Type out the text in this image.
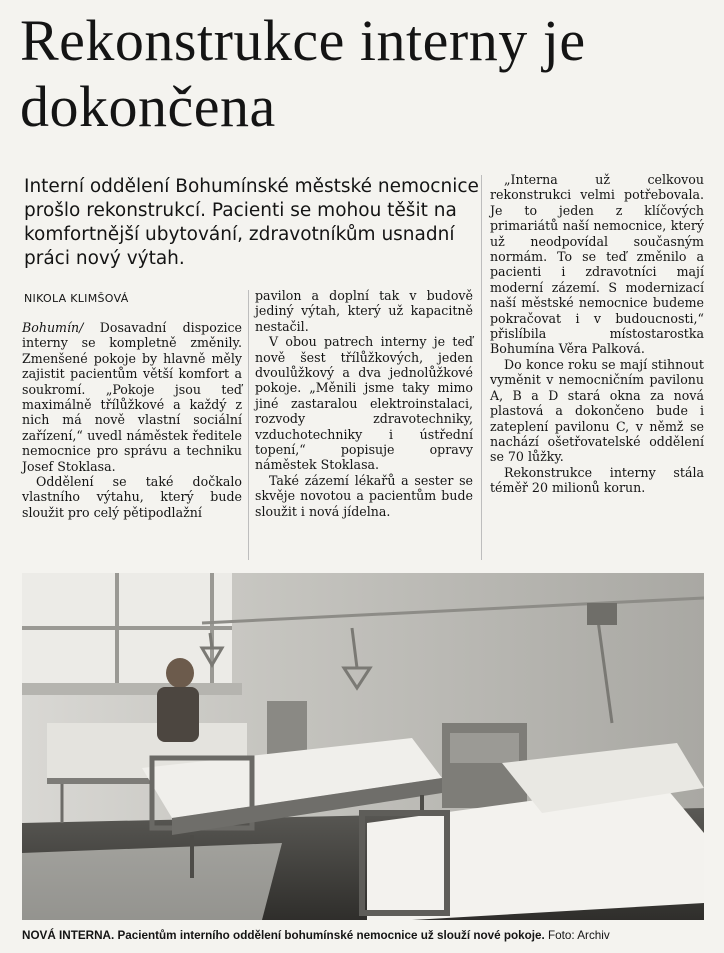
Rekonstrukce interny je dokončena

Interní oddělení Bohumínské městské nemocnice prošlo rekonstrukcí. Pacienti se mohou těšit na komfortnější ubytování, zdravotníkům usnadní práci nový výtah.

NIKOLA KLIMŠOVÁ

Bohumín/ Dosavadní dispozice interny se kompletně změnily. Zmenšené pokoje by hlavně měly zajistit pacientům větší komfort a soukromí. „Pokoje jsou teď maximálně třílůžkové a každý z nich má nově vlastní sociální zařízení,“ uvedl náměstek ředitele nemocnice pro správu a techniku Josef Stoklasa.

Oddělení se také dočkalo vlastního výtahu, který bude sloužit pro celý pětipodlažní

pavilon a doplní tak v budově jediný výtah, který už kapacitně nestačil.

V obou patrech interny je teď nově šest třílůžkových, jeden dvoulůžkový a dva jednolůžkové pokoje. „Měnili jsme taky mimo jiné zastaralou elektroinstalaci, rozvody zdravotechniky, vzduchotechniky i ústřední topení,“ popisuje opravy náměstek Stoklasa.

Také zázemí lékařů a sester se skvěje novotou a pacientům bude sloužit i nová jídelna.

„Interna už celkovou rekonstrukci velmi potřebovala. Je to jeden z klíčových primariátů naší nemocnice, který už neodpovídal současným normám. To se teď změnilo a pacienti i zdravotníci mají moderní zázemí. S modernizací naší městské nemocnice budeme pokračovat i v budoucnosti,“ přislíbila místostarostka Bohumína Věra Palková.

Do konce roku se mají stihnout vyměnit v nemocničním pavilonu A, B a D stará okna za nová plastová a dokončeno bude i zateplení pavilonu C, v němž se nachází ošetřovatelské oddělení se 70 lůžky.

Rekonstrukce interny stála téměř 20 milionů korun.

NOVÁ INTERNA. Pacientům interního oddělení bohumínské nemocnice už slouží nové pokoje. Foto: Archiv
